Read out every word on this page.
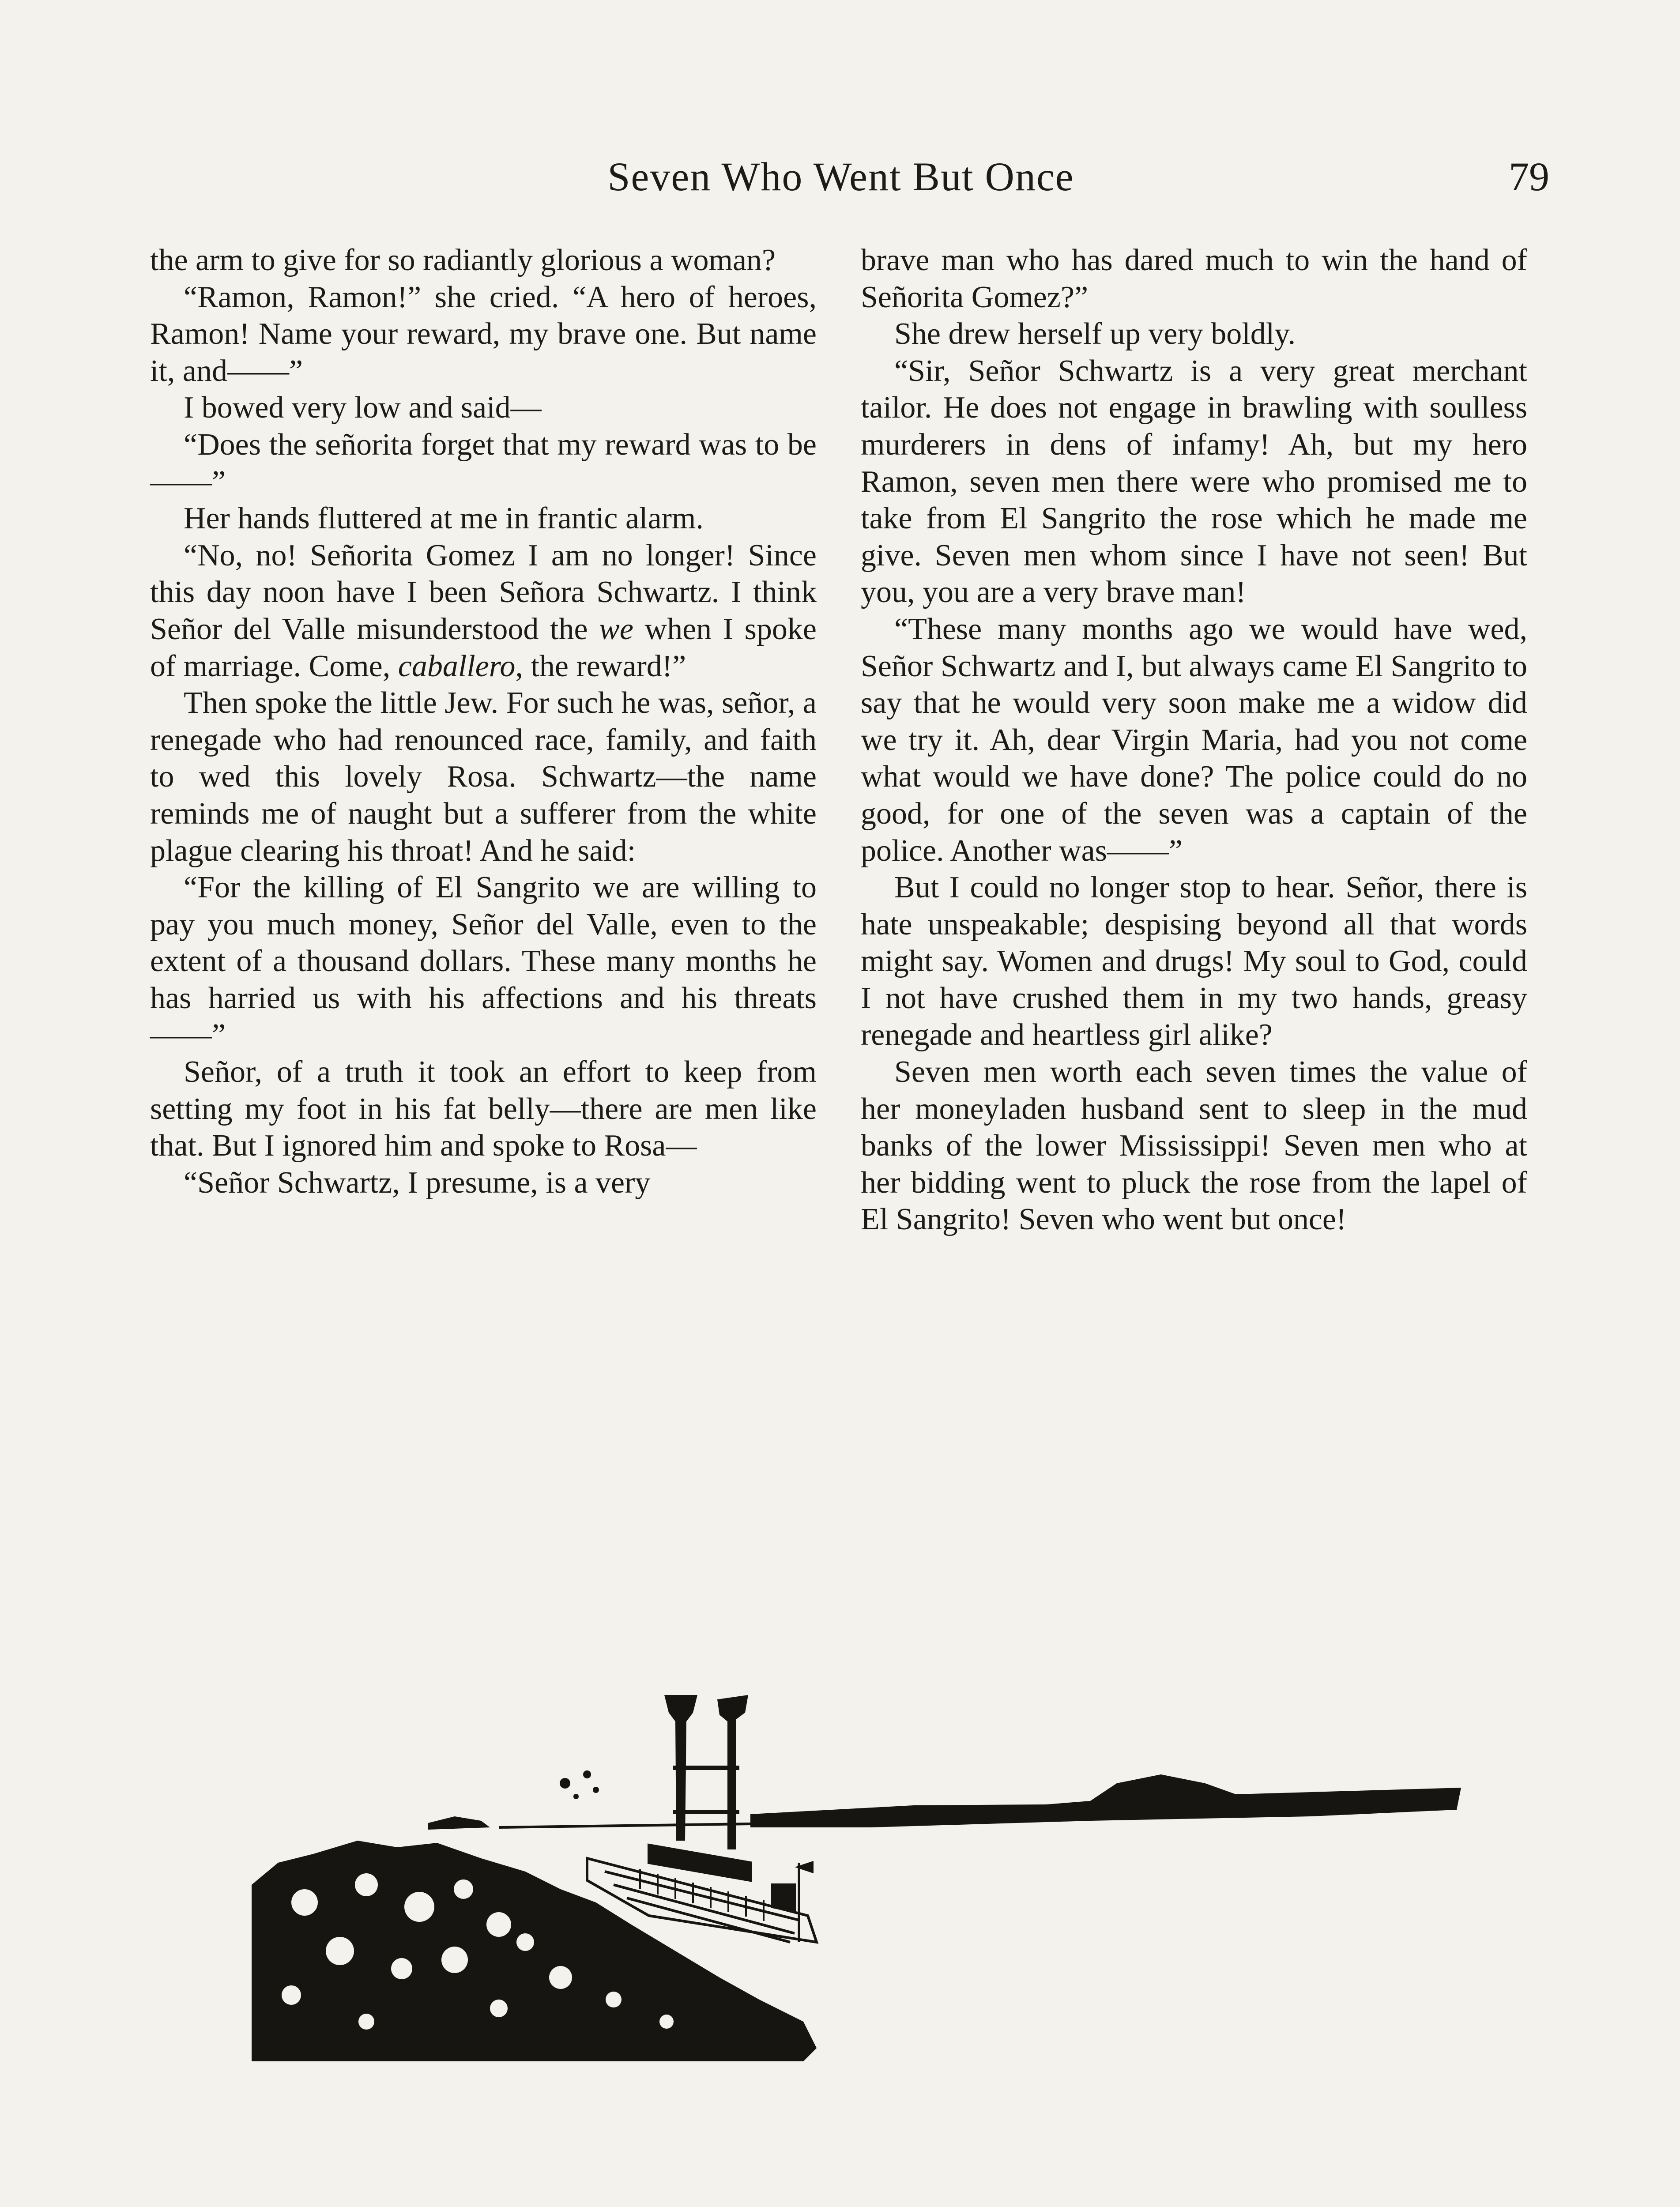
Seven Who Went But Once	79

the arm to give for so radiantly glorious a woman?

“Ramon, Ramon!” she cried. “A hero of heroes, Ramon! Name your reward, my brave one. But name it, and——”

I bowed very low and said—

“Does the señorita forget that my reward was to be——”

Her hands fluttered at me in frantic alarm.

“No, no! Señorita Gomez I am no longer! Since this day noon have I been Señora Schwartz. I think Señor del Valle misunderstood the we when I spoke of marriage. Come, caballero, the reward!”

Then spoke the little Jew. For such he was, señor, a renegade who had renounced race, family, and faith to wed this lovely Rosa. Schwartz—the name reminds me of naught but a sufferer from the white plague clearing his throat! And he said:

“For the killing of El Sangrito we are willing to pay you much money, Señor del Valle, even to the extent of a thousand dollars. These many months he has harried us with his affections and his threats——”

Señor, of a truth it took an effort to keep from setting my foot in his fat belly—there are men like that. But I ignored him and spoke to Rosa—

“Señor Schwartz, I presume, is a very

brave man who has dared much to win the hand of Señorita Gomez?”

She drew herself up very boldly.

“Sir, Señor Schwartz is a very great merchant tailor. He does not engage in brawling with soulless murderers in dens of infamy! Ah, but my hero Ramon, seven men there were who promised me to take from El Sangrito the rose which he made me give. Seven men whom since I have not seen! But you, you are a very brave man!

“These many months ago we would have wed, Señor Schwartz and I, but always came El Sangrito to say that he would very soon make me a widow did we try it. Ah, dear Virgin Maria, had you not come what would we have done? The police could do no good, for one of the seven was a captain of the police. Another was——”

But I could no longer stop to hear. Señor, there is hate unspeakable; despising beyond all that words might say. Women and drugs! My soul to God, could I not have crushed them in my two hands, greasy renegade and heartless girl alike?

Seven men worth each seven times the value of her moneyladen husband sent to sleep in the mud banks of the lower Mississippi! Seven men who at her bidding went to pluck the rose from the lapel of El Sangrito! Seven who went but once!
